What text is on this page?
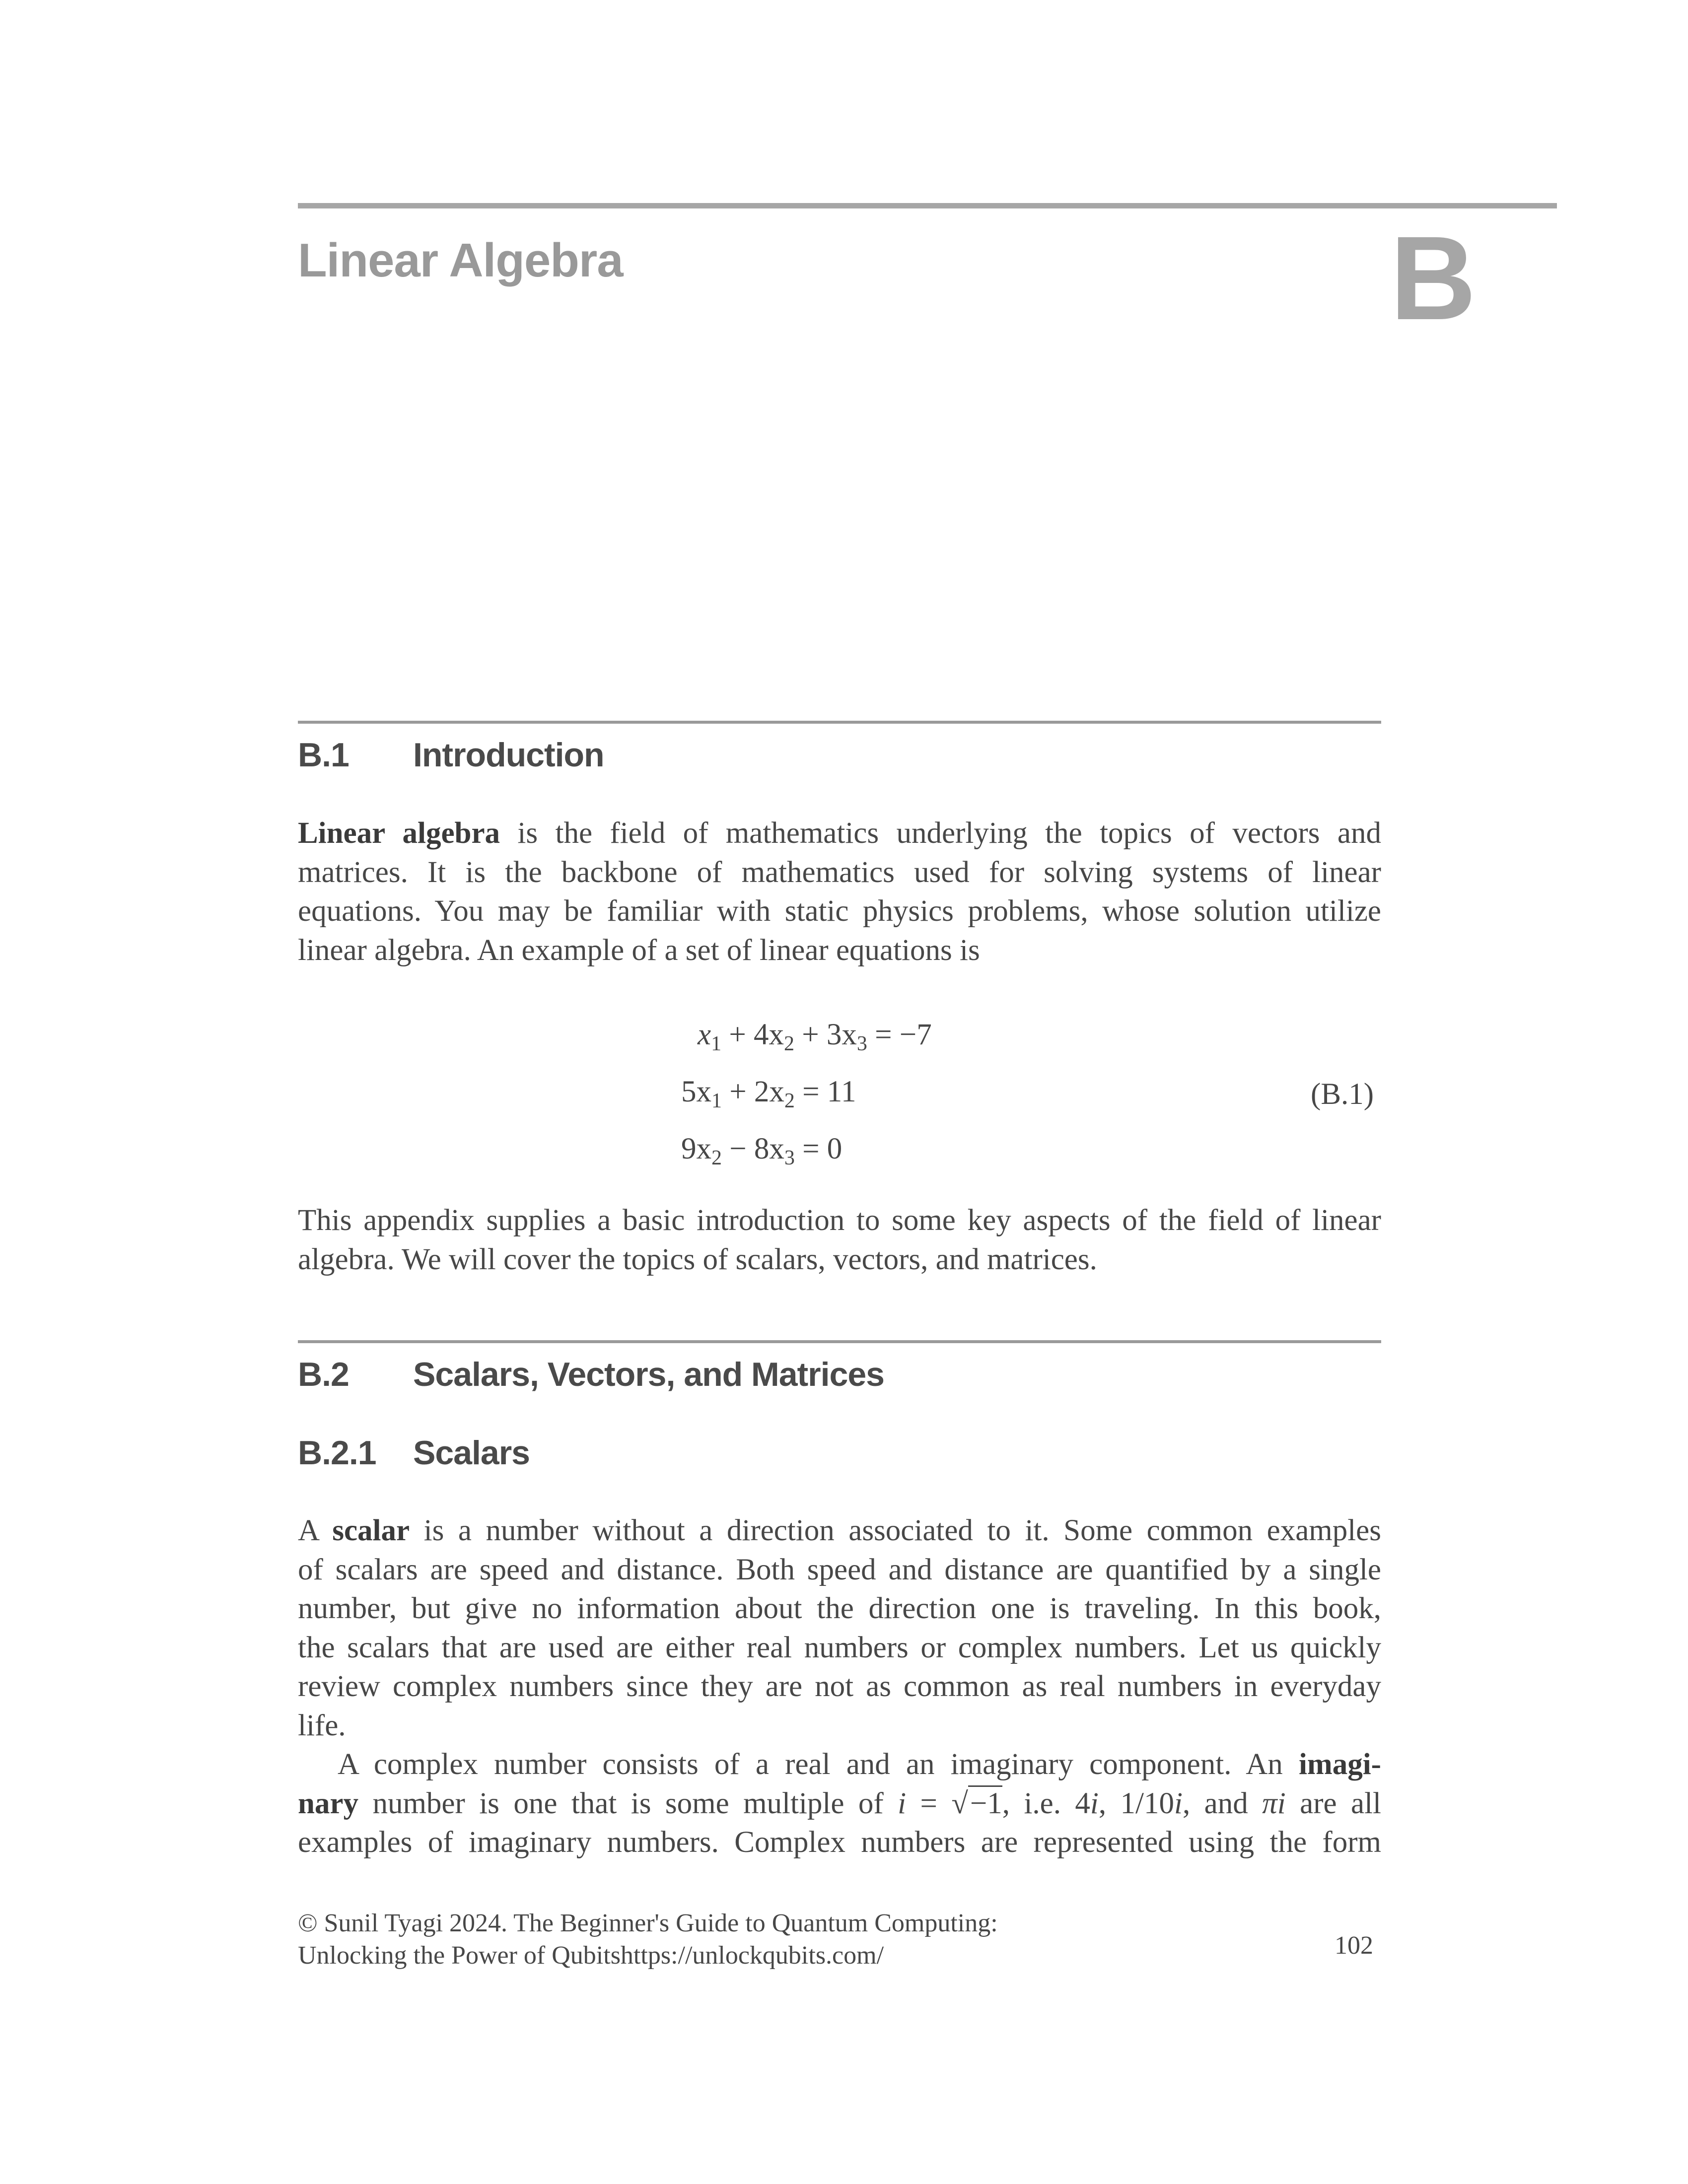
Linear Algebra	B
B.1 Introduction
Linear algebra is the field of mathematics underlying the topics of vectors and
matrices. It is the backbone of mathematics used for solving systems of linear
equations. You may be familiar with static physics problems, whose solution utilize
linear algebra. An example of a set of linear equations is
$x_1 + 4x_2 + 3x_3 = -7$
$5x_1 + 2x_2 = 11$
$9x_2 - 8x_3 = 0$
(B.1)
This appendix supplies a basic introduction to some key aspects of the field of linear
algebra. We will cover the topics of scalars, vectors, and matrices.
B.2 Scalars, Vectors, and Matrices
B.2.1 Scalars
A scalar is a number without a direction associated to it. Some common examples
of scalars are speed and distance. Both speed and distance are quantified by a single
number, but give no information about the direction one is traveling. In this book,
the scalars that are used are either real numbers or complex numbers. Let us quickly
review complex numbers since they are not as common as real numbers in everyday
life.
A complex number consists of a real and an imaginary component. An imagi-
nary number is one that is some multiple of i = √−1, i.e. 4i, 1/10i, and πi are all
examples of imaginary numbers. Complex numbers are represented using the form
© Sunil Tyagi 2024. The Beginner's Guide to Quantum Computing:
Unlocking the Power of Qubitshttps://unlockqubits.com/	102
